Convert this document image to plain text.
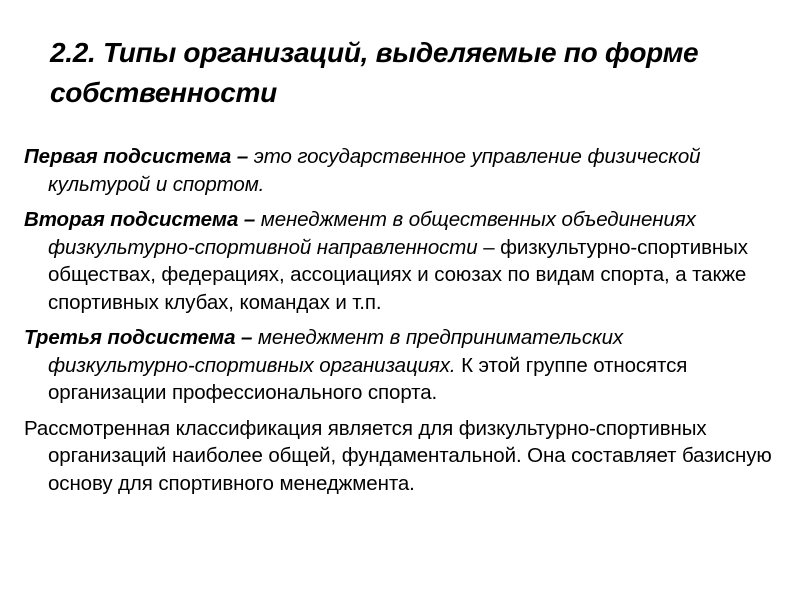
2.2. Типы организаций, выделяемые по форме собственности

Первая подсистема – это государственное управление физической культурой и спортом.

Вторая подсистема – менеджмент в общественных объединениях физкультурно-спортивной направленности – физкультурно-спортивных обществах, федерациях, ассоциациях и союзах по видам спорта, а также спортивных клубах, командах и т.п.

Третья подсистема – менеджмент в предпринимательских физкультурно-спортивных организациях. К этой группе относятся организации профессионального спорта.

Рассмотренная классификация является для физкультурно-спортивных организаций наиболее общей, фундаментальной. Она составляет базисную основу для спортивного менеджмента.
